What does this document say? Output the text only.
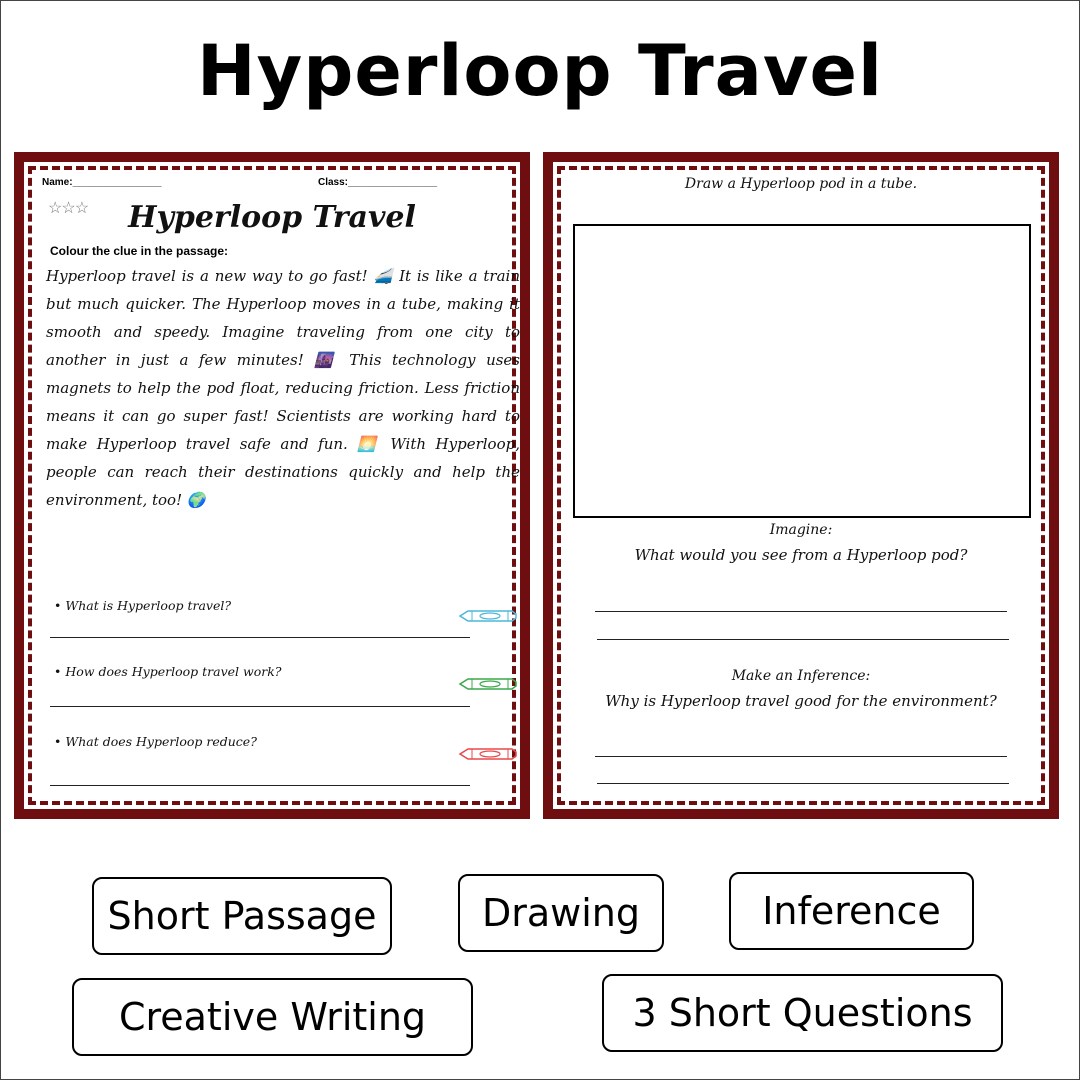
Hyperloop Travel
Name:________________	Class:________________
☆☆☆	Hyperloop Travel
Colour the clue in the passage:
Hyperloop travel is a new way to go fast! 🚄 It is like a train but much quicker. The Hyperloop moves in a tube, making it smooth and speedy. Imagine traveling from one city to another in just a few minutes! 🌆 This technology uses magnets to help the pod float, reducing friction. Less friction means it can go super fast! Scientists are working hard to make Hyperloop travel safe and fun. 🌅 With Hyperloop, people can reach their destinations quickly and help the environment, too! 🌍
• What is Hyperloop travel?
• How does Hyperloop travel work?
• What does Hyperloop reduce?
Draw a Hyperloop pod in a tube.
Imagine:
What would you see from a Hyperloop pod?
Make an Inference:
Why is Hyperloop travel good for the environment?
Short Passage	Drawing	Inference
Creative Writing	3 Short Questions
